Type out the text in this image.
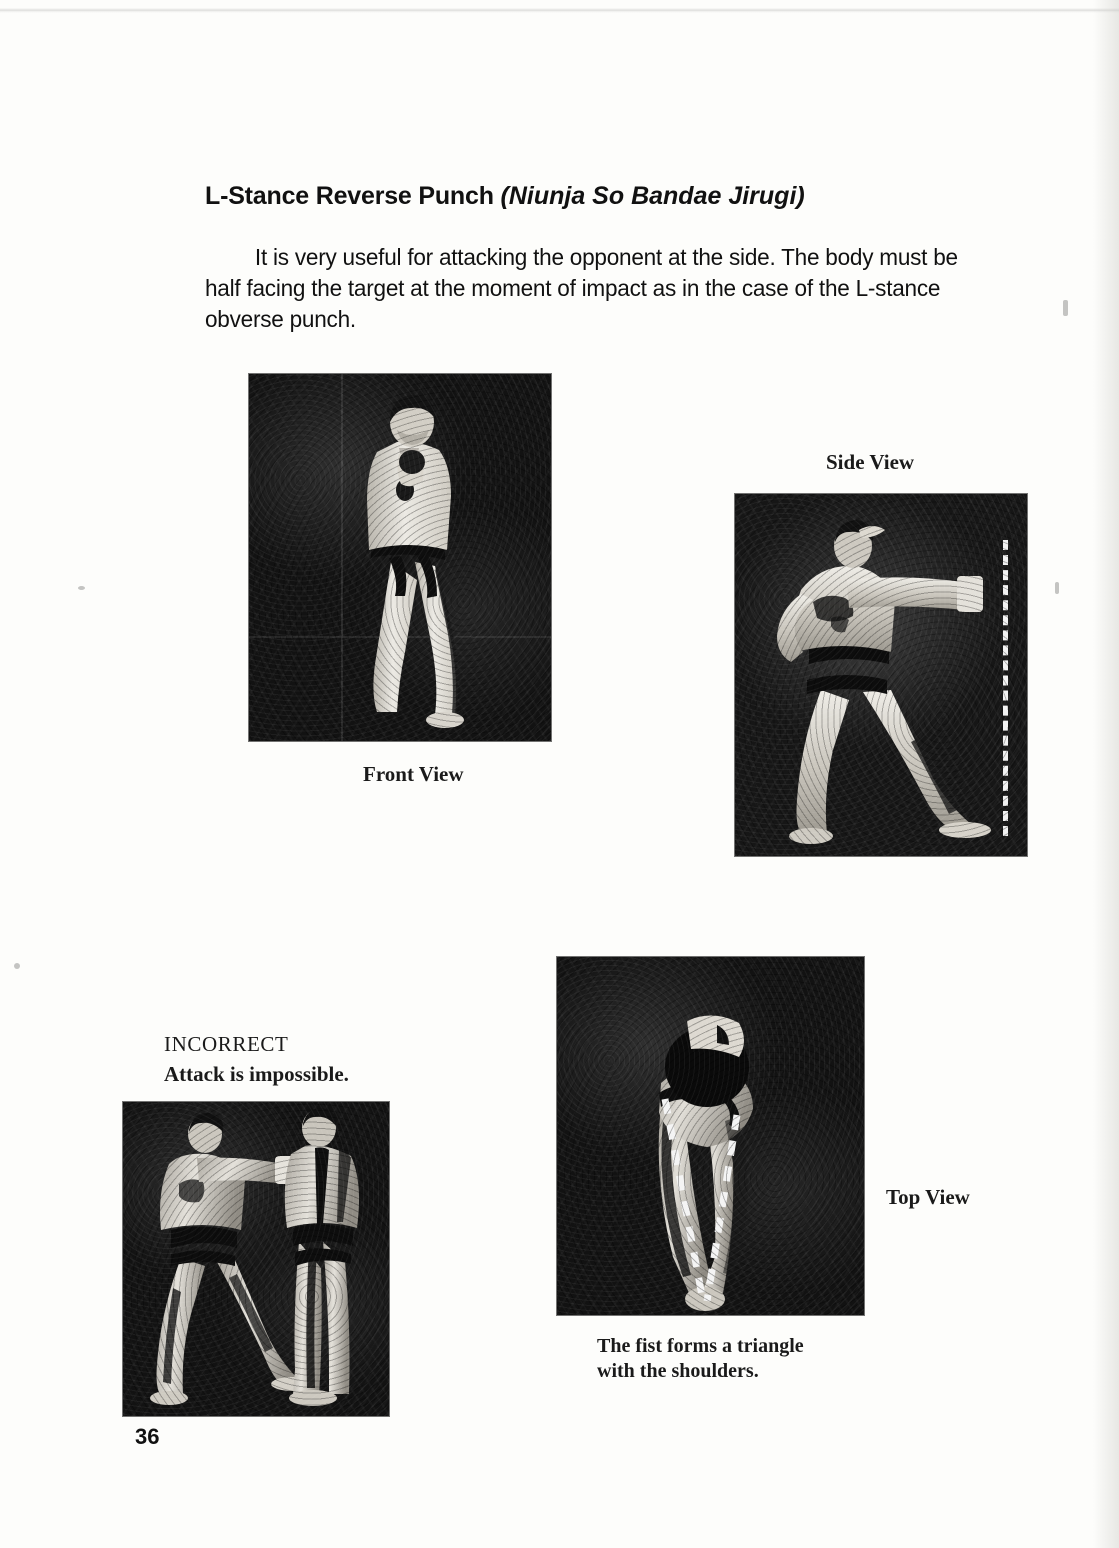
L-Stance Reverse Punch (Niunja So Bandae Jirugi)

It is very useful for attacking the opponent at the side. The body must be half facing the target at the moment of impact as in the case of the L-stance obverse punch.

Front View
Side View
Top View
The fist forms a triangle
with the shoulders.
INCORRECT
Attack is impossible.
36
